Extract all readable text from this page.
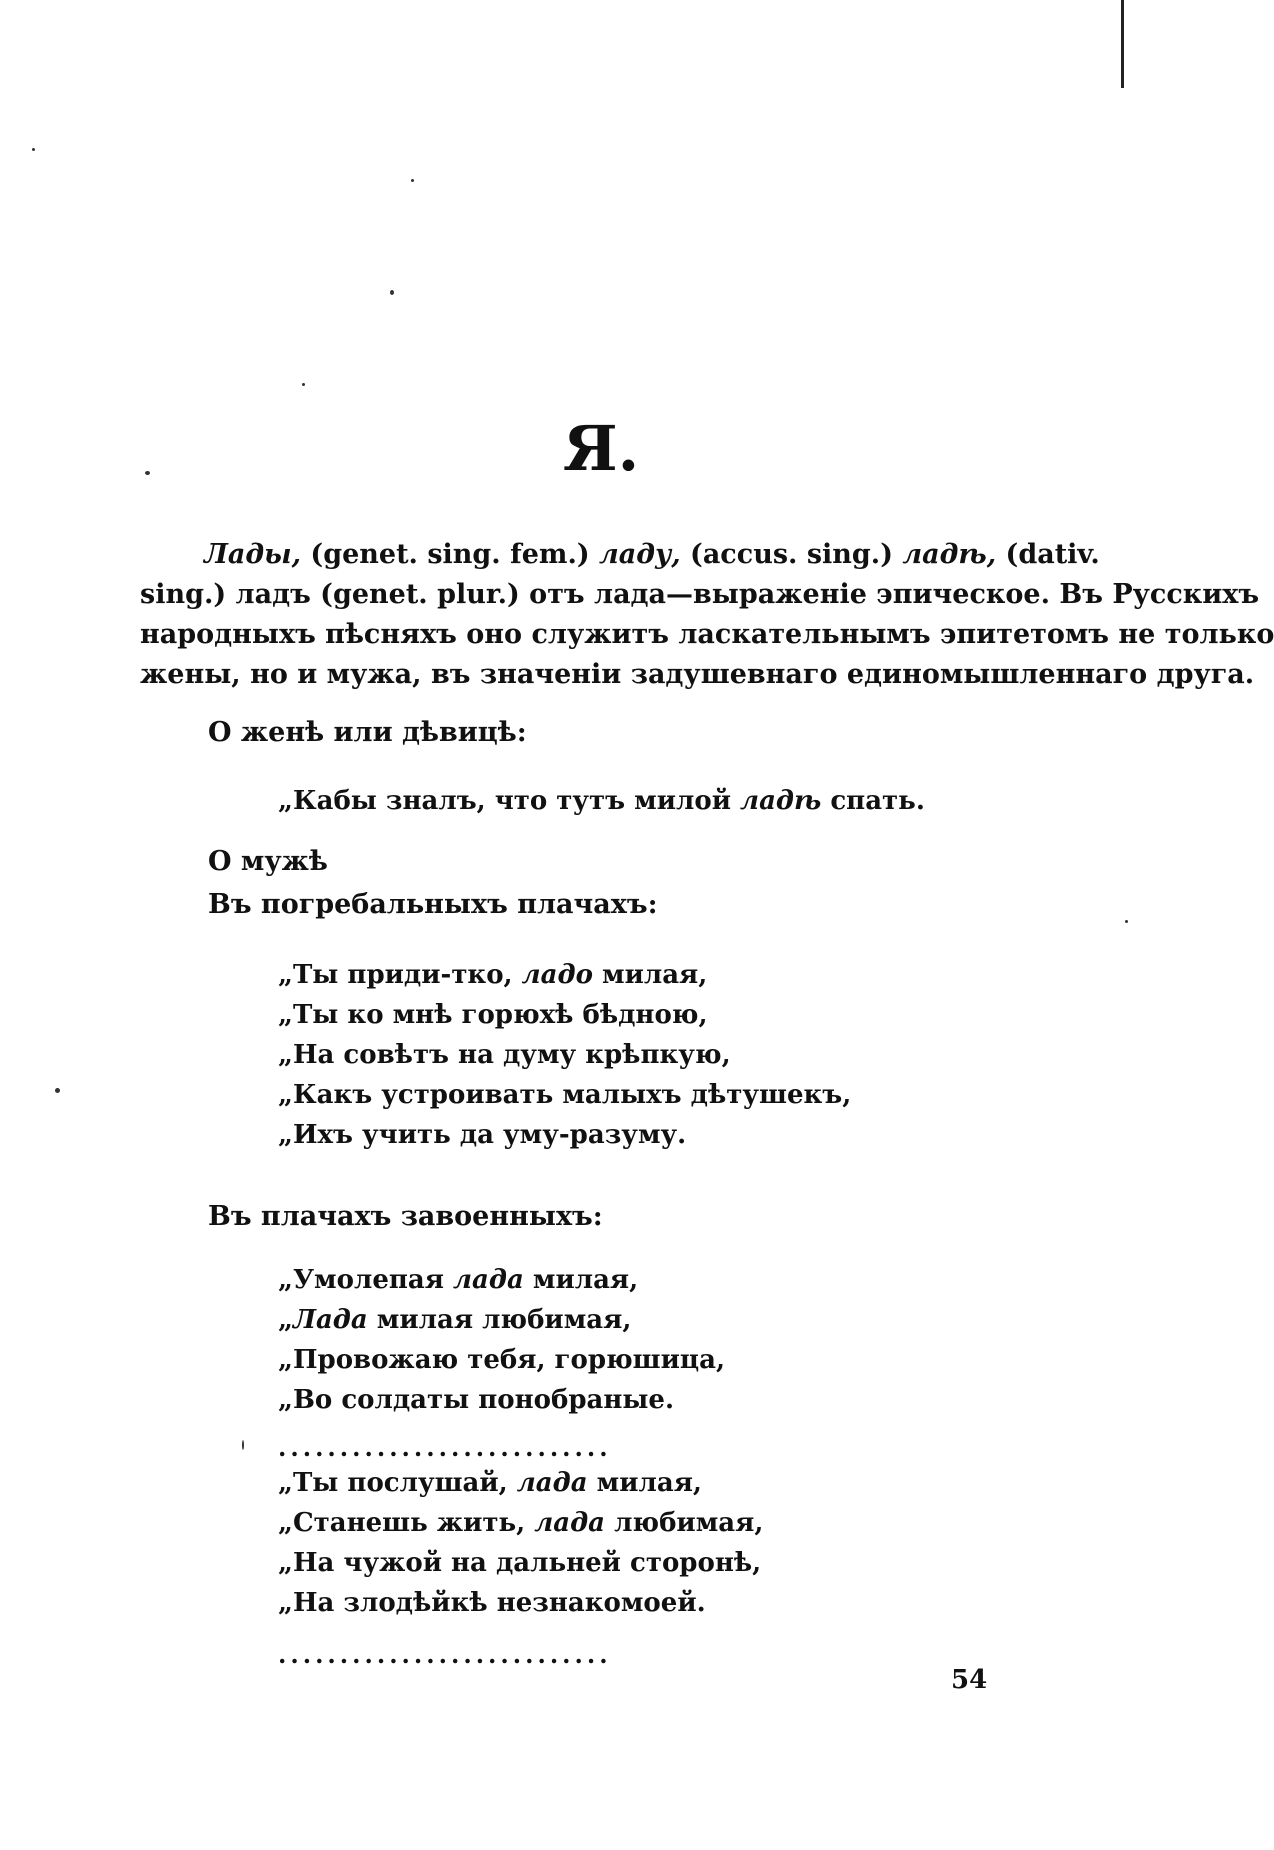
Я.
Лады, (genet. sing. fem.) ладу, (accus. sing.) ладѣ, (dativ.
sing.) ладъ (genet. plur.) отъ лада—выраженіе эпическое. Въ Русскихъ
народныхъ пѣсняхъ оно служитъ ласкательнымъ эпитетомъ не только
жены, но и мужа, въ значеніи задушевнаго единомышленнаго друга.
О женѣ или дѣвицѣ:
„Кабы зналъ, что тутъ милой ладѣ спать.
О мужѣ
Въ погребальныхъ плачахъ:
„Ты приди-тко, ладо милая,
„Ты ко мнѣ горюхѣ бѣдною,
„На совѣтъ на думу крѣпкую,
„Какъ устроивать малыхъ дѣтушекъ,
„Ихъ учить да уму-разуму.
Въ плачахъ завоенныхъ:
„Умолепая лада милая,
„Лада милая любимая,
„Провожаю тебя, горюшица,
„Во солдаты понобраные.
...........................
„Ты послушай, лада милая,
„Станешь жить, лада любимая,
„На чужой на дальней сторонѣ,
„На злодѣйкѣ незнакомоей.
...........................
54
